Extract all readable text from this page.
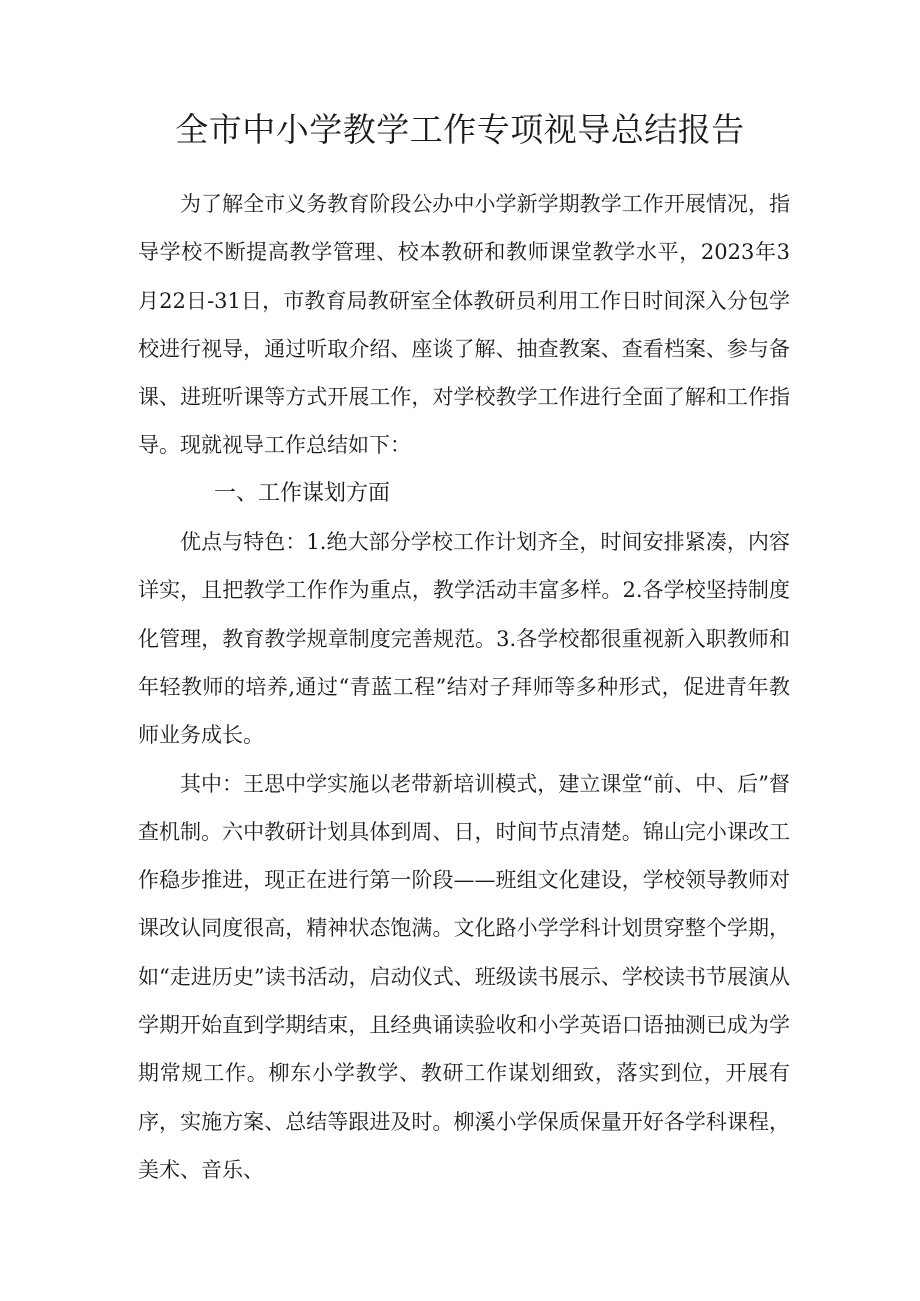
全市中小学教学工作专项视导总结报告

为了解全市义务教育阶段公办中小学新学期教学工作开展情况，指导学校不断提高教学管理、校本教研和教师课堂教学水平，2023年3月22日-31日，市教育局教研室全体教研员利用工作日时间深入分包学校进行视导，通过听取介绍、座谈了解、抽查教案、查看档案、参与备课、进班听课等方式开展工作，对学校教学工作进行全面了解和工作指导。现就视导工作总结如下：

一、工作谋划方面

优点与特色：1.绝大部分学校工作计划齐全，时间安排紧凑，内容详实，且把教学工作作为重点，教学活动丰富多样。2.各学校坚持制度化管理，教育教学规章制度完善规范。3.各学校都很重视新入职教师和年轻教师的培养,通过“青蓝工程”结对子拜师等多种形式，促进青年教师业务成长。

其中：王思中学实施以老带新培训模式，建立课堂“前、中、后”督查机制。六中教研计划具体到周、日，时间节点清楚。锦山完小课改工作稳步推进，现正在进行第一阶段——班组文化建设，学校领导教师对课改认同度很高，精神状态饱满。文化路小学学科计划贯穿整个学期，如“走进历史”读书活动，启动仪式、班级读书展示、学校读书节展演从学期开始直到学期结束，且经典诵读验收和小学英语口语抽测已成为学期常规工作。柳东小学教学、教研工作谋划细致，落实到位，开展有序，实施方案、总结等跟进及时。柳溪小学保质保量开好各学科课程，美术、音乐、
